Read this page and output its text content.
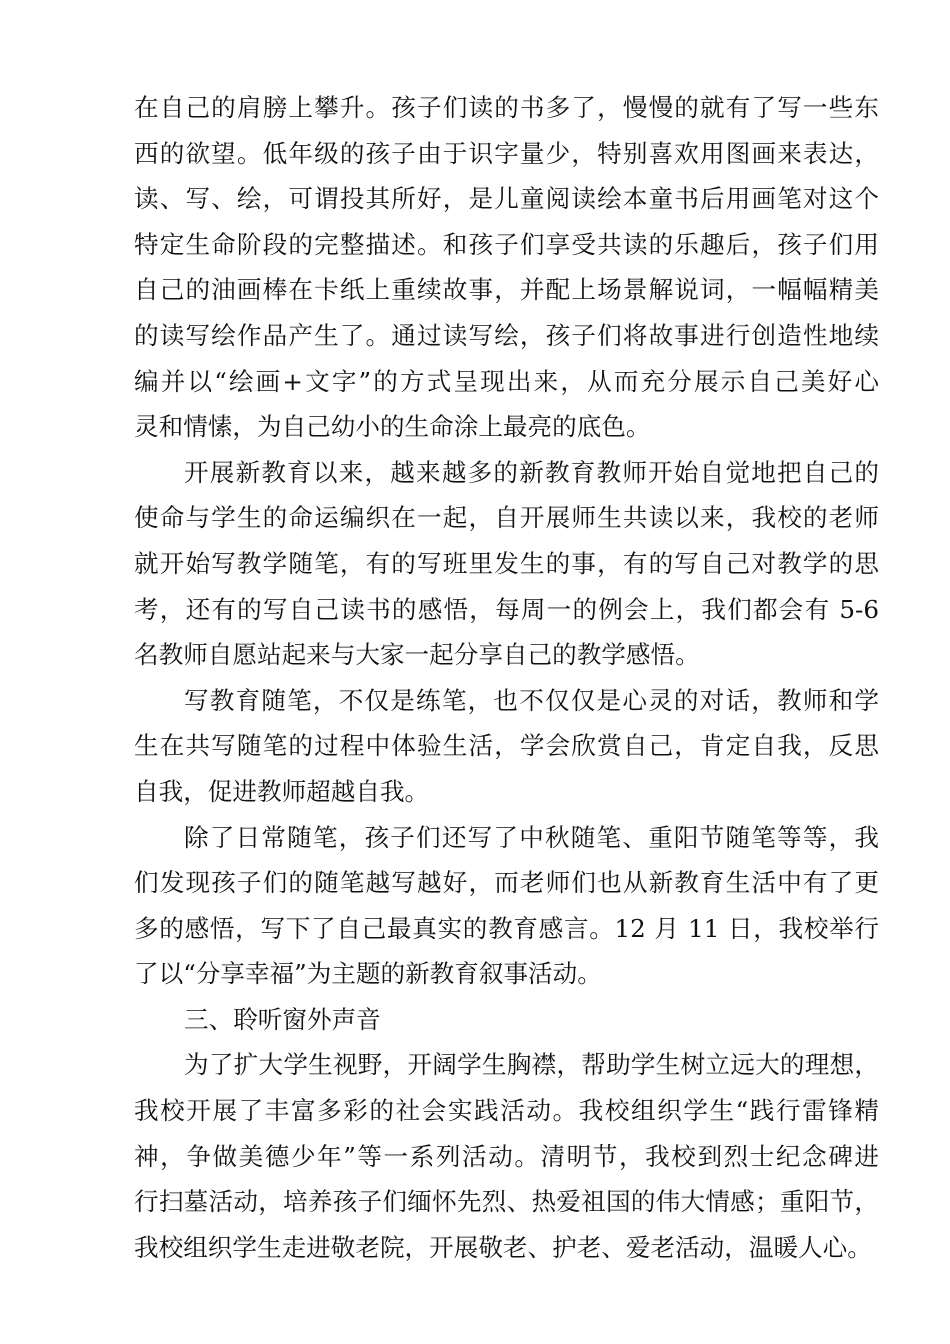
在自己的肩膀上攀升。孩子们读的书多了，慢慢的就有了写一些东
西的欲望。低年级的孩子由于识字量少，特别喜欢用图画来表达，
读、写、绘，可谓投其所好，是儿童阅读绘本童书后用画笔对这个
特定生命阶段的完整描述。和孩子们享受共读的乐趣后，孩子们用
自己的油画棒在卡纸上重续故事，并配上场景解说词，一幅幅精美
的读写绘作品产生了。通过读写绘，孩子们将故事进行创造性地续
编并以“绘画+文字”的方式呈现出来，从而充分展示自己美好心
灵和情愫，为自己幼小的生命涂上最亮的底色。
开展新教育以来，越来越多的新教育教师开始自觉地把自己的
使命与学生的命运编织在一起，自开展师生共读以来，我校的老师
就开始写教学随笔，有的写班里发生的事，有的写自己对教学的思
考，还有的写自己读书的感悟，每周一的例会上，我们都会有 5-6
名教师自愿站起来与大家一起分享自己的教学感悟。
写教育随笔，不仅是练笔，也不仅仅是心灵的对话，教师和学
生在共写随笔的过程中体验生活，学会欣赏自己，肯定自我，反思
自我，促进教师超越自我。
除了日常随笔，孩子们还写了中秋随笔、重阳节随笔等等，我
们发现孩子们的随笔越写越好，而老师们也从新教育生活中有了更
多的感悟，写下了自己最真实的教育感言。12 月 11 日，我校举行
了以“分享幸福”为主题的新教育叙事活动。
三、聆听窗外声音
为了扩大学生视野，开阔学生胸襟，帮助学生树立远大的理想，
我校开展了丰富多彩的社会实践活动。我校组织学生“践行雷锋精
神，争做美德少年”等一系列活动。清明节，我校到烈士纪念碑进
行扫墓活动，培养孩子们缅怀先烈、热爱祖国的伟大情感；重阳节，
我校组织学生走进敬老院，开展敬老、护老、爱老活动，温暖人心。
